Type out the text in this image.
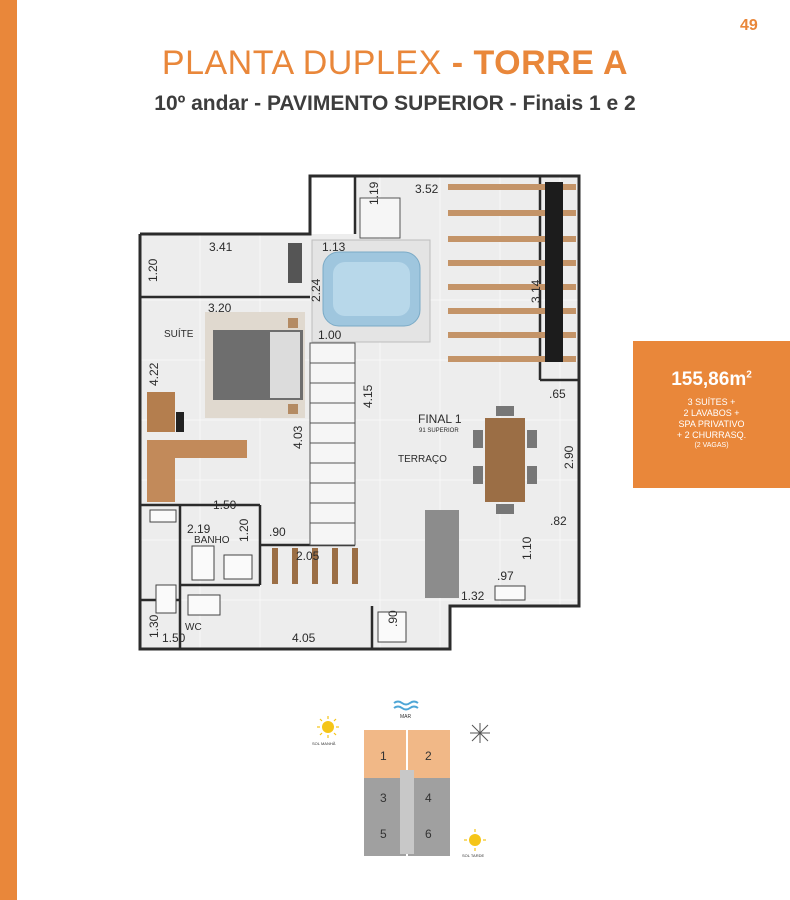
49
PLANTA DUPLEX - TORRE A
10º andar - PAVIMENTO SUPERIOR - Finais 1 e 2
$155,86m^2$
3 SUÍTES +
2 LAVABOS +
SPA PRIVATIVO
+ 2 CHURRASQ.
(2 VAGAS)
3.52
1.19
3.41	1.13
1.20
2.24	3.14
3.20
1.00
4.22
.65
4.15
4.03
2.90
1.50
.82
2.19 1.20 .90
1.10
2.05
.97
1.32
.90
1.30 1.50	4.05
SUÍTE
FINAL 1
91 SUPERIOR
TERRAÇO
BANHO
WC
MAR
SOL MANHÃ
SOL TARDE
1	2
3	4
5	6
